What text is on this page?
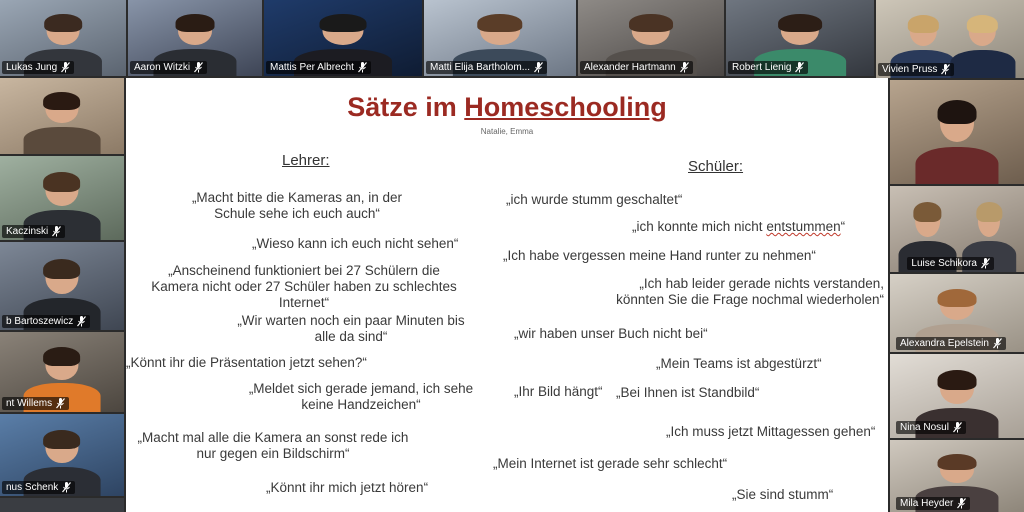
Lukas Jung	Aaron Witzki	Mattis Per Albrecht	Matti Elija Bartholom...	Alexander Hartmann	Robert Lienig	Vivien Pruss
Kaczinski
b Bartoszewicz
nt Willems
nus Schenk
Luise Schikora
Alexandra Epelstein
Nina Nosul
Mila Heyder
Sätze im Homeschooling
Natalie, Emma
Lehrer:	Schüler:
„Macht bitte die Kameras an, in der
Schule sehe ich euch auch“
„Wieso kann ich euch nicht sehen“
„Anscheinend funktioniert bei 27 Schülern die
Kamera nicht oder 27 Schüler haben zu schlechtes
Internet“
„Wir warten noch ein paar Minuten bis
alle da sind“
„Könnt ihr die Präsentation jetzt sehen?“
„Meldet sich gerade jemand, ich sehe
keine Handzeichen“
„Macht mal alle die Kamera an sonst rede ich
nur gegen ein Bildschirm“
„Könnt ihr mich jetzt hören“
„ich wurde stumm geschaltet“
„ich konnte mich nicht entstummen“
„Ich habe vergessen meine Hand runter zu nehmen“
„Ich hab leider gerade nichts verstanden,
könnten Sie die Frage nochmal wiederholen“
„wir haben unser Buch nicht bei“
„Mein Teams ist abgestürzt“
„Ihr Bild hängt“ „Bei Ihnen ist Standbild“
„Ich muss jetzt Mittagessen gehen“
„Mein Internet ist gerade sehr schlecht“
„Sie sind stumm“
